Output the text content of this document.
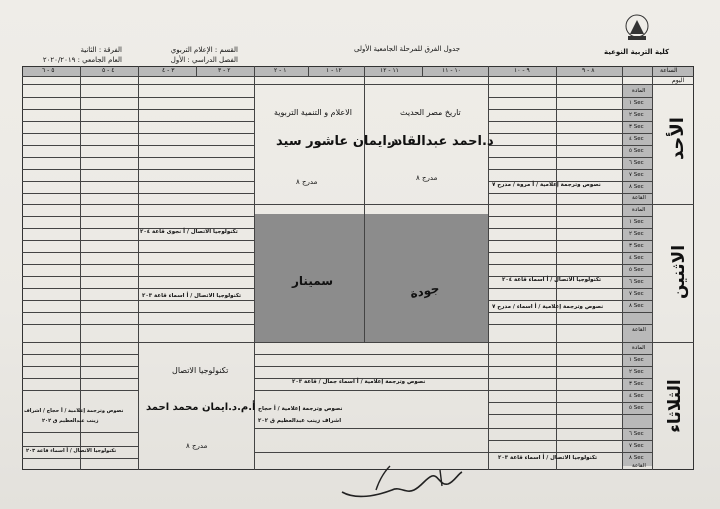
كلية التربية النوعية
جدول الفرق للمرحلة الجامعية الأولى
القسم : الإعلام التربوي
الفصل الدراسي : الأول
الفرقة : الثانية
العام الجامعي : ٢٠٢٠/٢٠١٩
الساعة
٨ - ٩
٩ - ١٠
١٠ - ١١
١١ - ١٢
١٢ - ١
١ - ٢
٢ - ٣
٣ - ٤
٤ - ٥
٥ - ٦
اليوم
الأحد
الاثنين
الثلاثاء
المادة
Sec ١
Sec ٢
Sec ٣
Sec ٤
Sec ٥
Sec ٦
Sec ٧
Sec ٨
القاعة
المادة
Sec ١
Sec ٢
Sec ٣
Sec ٤
Sec ٥
Sec ٦
Sec ٧
Sec ٨
القاعة
المادة
Sec ١
Sec ٢
Sec ٣
Sec ٤
Sec ٥
Sec ٦
Sec ٧
Sec ٨
القاعة
الاعلام و التنمية التربوية
د.ايمان عاشور سيد
مدرج ٨
تاريخ مصر الحديث
د.احمد عبدالقادر
مدرج ٨
نصوص وترجمة إعلامية / أ مروة / مدرج ٧
تكنولوجيا الاتصال / أ نجوى قاعة ٢٠٤
سمينار
جودة
تكنولوجيا الاتصال / أ اسماء قاعة ٢٠٤
نصوص وترجمة إعلامية / أ اسماء / مدرج ٧
تكنولوجيا الاتصال / أ اسماء قاعة ٢٠٣
تكنولوجيا الاتصال
أ.م.د.ايمان محمد احمد
مدرج ٨
نصوص وترجمة إعلامية / أ اسماء جمال / قاعة ٢٠٣
نصوص وترجمة إعلامية / أ حجاج
اشراف زينب عبدالعظيم ق ٢٠٢
نصوص وترجمة إعلامية / أ حجاج / اشراف
زينب عبدالعظيم ق ٢٠٢
تكنولوجيا الاتصال / أ اسماء قاعة ٢٠٣
تكنولوجيا الاتصال / أ اسماء قاعة ٢٠٣
